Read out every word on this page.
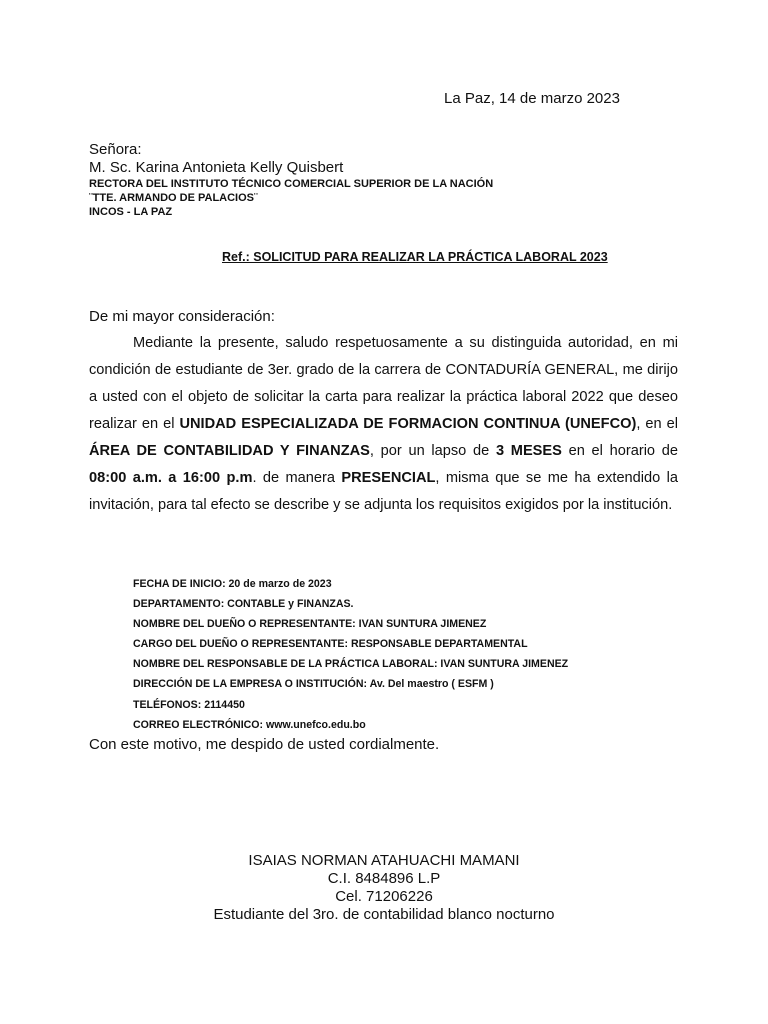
La Paz, 14 de marzo 2023
Señora:
M. Sc. Karina Antonieta Kelly Quisbert
RECTORA DEL INSTITUTO TÉCNICO COMERCIAL SUPERIOR DE LA NACIÓN
¨TTE. ARMANDO DE PALACIOS¨
INCOS - LA PAZ
Ref.: SOLICITUD PARA REALIZAR LA PRÁCTICA LABORAL 2023
De mi mayor consideración:
Mediante la presente, saludo respetuosamente a su distinguida autoridad, en mi condición de estudiante de 3er. grado de la carrera de CONTADURÍA GENERAL, me dirijo a usted con el objeto de solicitar la carta para realizar la práctica laboral 2022 que deseo realizar en el UNIDAD ESPECIALIZADA DE FORMACION CONTINUA (UNEFCO), en el ÁREA DE CONTABILIDAD Y FINANZAS, por un lapso de 3 MESES en el horario de 08:00 a.m. a 16:00 p.m. de manera PRESENCIAL, misma que se me ha extendido la invitación, para tal efecto se describe y se adjunta los requisitos exigidos por la institución.
FECHA DE INICIO: 20 de marzo de 2023
DEPARTAMENTO: CONTABLE y FINANZAS.
NOMBRE DEL DUEÑO O REPRESENTANTE: IVAN SUNTURA JIMENEZ
CARGO DEL DUEÑO O REPRESENTANTE: RESPONSABLE DEPARTAMENTAL
NOMBRE DEL RESPONSABLE DE LA PRÁCTICA LABORAL: IVAN SUNTURA JIMENEZ
DIRECCIÓN DE LA EMPRESA O INSTITUCIÓN: Av. Del maestro ( ESFM )
TELÉFONOS: 2114450
CORREO ELECTRÓNICO: www.unefco.edu.bo
Con este motivo, me despido de usted cordialmente.
ISAIAS NORMAN ATAHUACHI MAMANI
C.I. 8484896 L.P
Cel. 71206226
Estudiante del 3ro. de contabilidad blanco nocturno
